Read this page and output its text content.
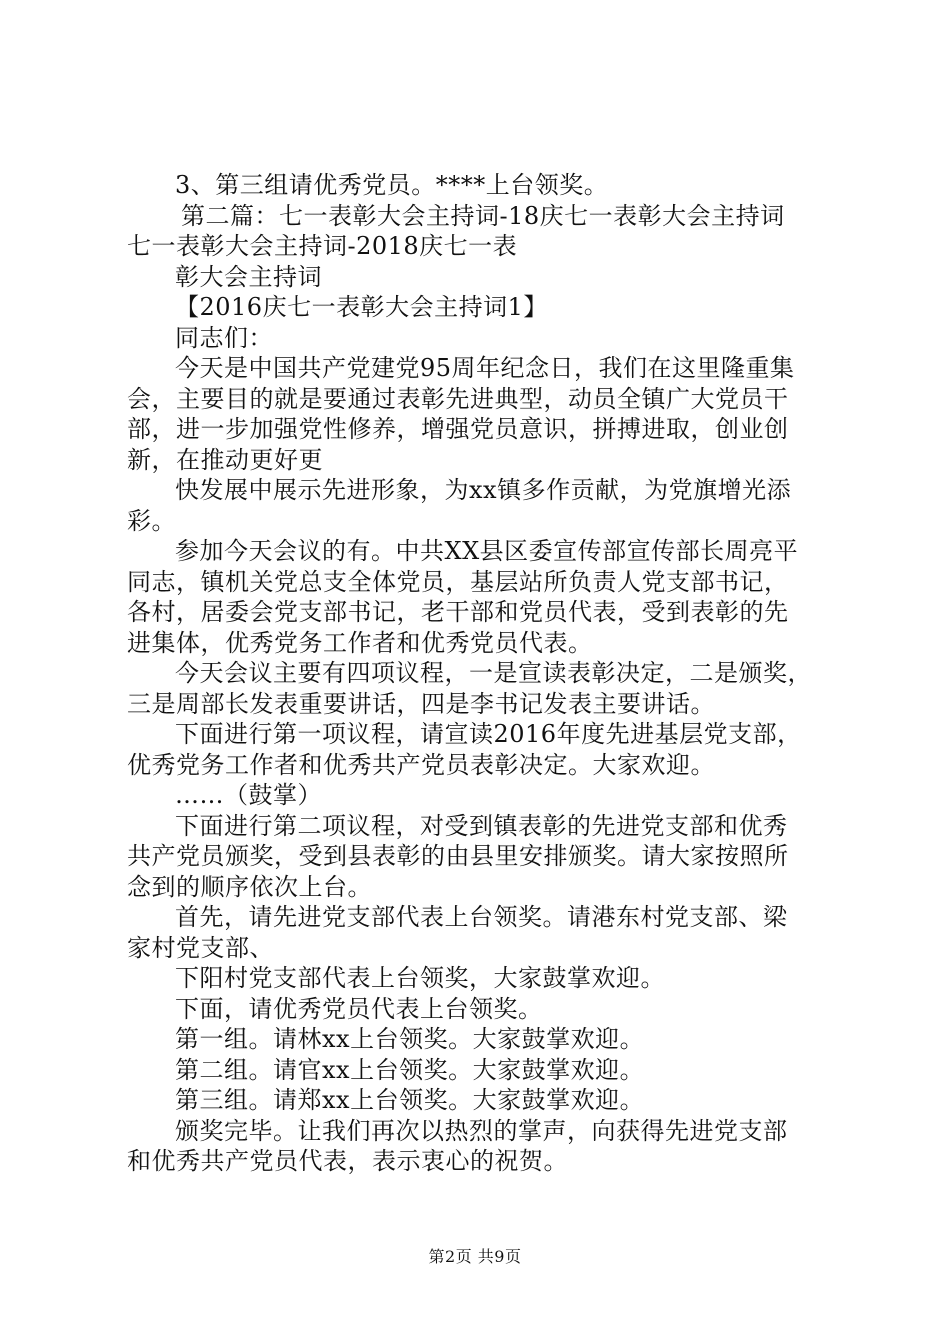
3、第三组请优秀党员。****上台领奖。
第二篇：七一表彰大会主持词-18庆七一表彰大会主持词
七一表彰大会主持词-2018庆七一表
彰大会主持词
【2016庆七一表彰大会主持词1】
同志们：
今天是中国共产党建党95周年纪念日，我们在这里隆重集
会，主要目的就是要通过表彰先进典型，动员全镇广大党员干
部，进一步加强党性修养，增强党员意识，拼搏进取，创业创
新，在推动更好更
快发展中展示先进形象，为xx镇多作贡献，为党旗增光添
彩。
参加今天会议的有。中共XX县区委宣传部宣传部长周亮平
同志，镇机关党总支全体党员，基层站所负责人党支部书记，
各村，居委会党支部书记，老干部和党员代表，受到表彰的先
进集体，优秀党务工作者和优秀党员代表。
今天会议主要有四项议程，一是宣读表彰决定，二是颁奖，
三是周部长发表重要讲话，四是李书记发表主要讲话。
下面进行第一项议程，请宣读2016年度先进基层党支部，
优秀党务工作者和优秀共产党员表彰决定。大家欢迎。
……（鼓掌）
下面进行第二项议程，对受到镇表彰的先进党支部和优秀
共产党员颁奖，受到县表彰的由县里安排颁奖。请大家按照所
念到的顺序依次上台。
首先，请先进党支部代表上台领奖。请港东村党支部、梁
家村党支部、
下阳村党支部代表上台领奖，大家鼓掌欢迎。
下面，请优秀党员代表上台领奖。
第一组。请林xx上台领奖。大家鼓掌欢迎。
第二组。请官xx上台领奖。大家鼓掌欢迎。
第三组。请郑xx上台领奖。大家鼓掌欢迎。
颁奖完毕。让我们再次以热烈的掌声，向获得先进党支部
和优秀共产党员代表，表示衷心的祝贺。
第2页 共9页
